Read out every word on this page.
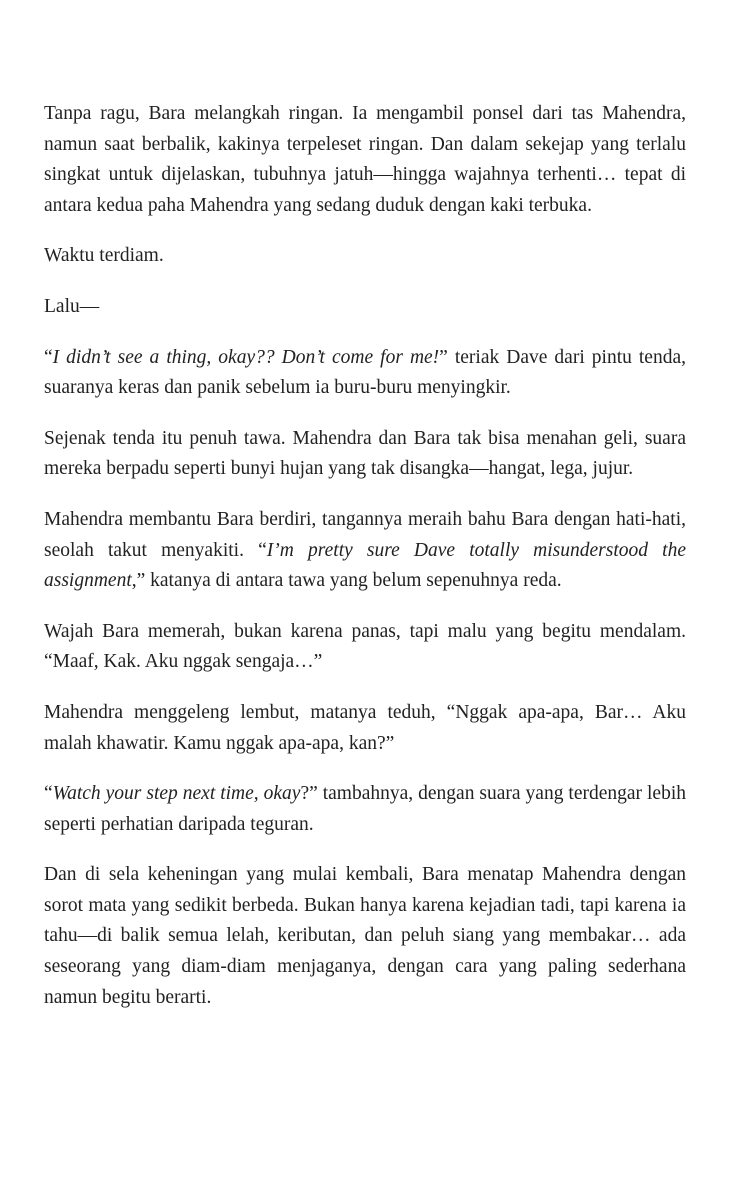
Tanpa ragu, Bara melangkah ringan. Ia mengambil ponsel dari tas Mahendra, namun saat berbalik, kakinya terpeleset ringan. Dan dalam sekejap yang terlalu singkat untuk dijelaskan, tubuhnya jatuh—hingga wajahnya terhenti… tepat di antara kedua paha Mahendra yang sedang duduk dengan kaki terbuka.

Waktu terdiam.

Lalu—

“I didn’t see a thing, okay?? Don’t come for me!” teriak Dave dari pintu tenda, suaranya keras dan panik sebelum ia buru-buru menyingkir.

Sejenak tenda itu penuh tawa. Mahendra dan Bara tak bisa menahan geli, suara mereka berpadu seperti bunyi hujan yang tak disangka—hangat, lega, jujur.

Mahendra membantu Bara berdiri, tangannya meraih bahu Bara dengan hati-hati, seolah takut menyakiti. “I’m pretty sure Dave totally misunderstood the assignment,” katanya di antara tawa yang belum sepenuhnya reda.

Wajah Bara memerah, bukan karena panas, tapi malu yang begitu mendalam. “Maaf, Kak. Aku nggak sengaja…”

Mahendra menggeleng lembut, matanya teduh, “Nggak apa-apa, Bar… Aku malah khawatir. Kamu nggak apa-apa, kan?”

“Watch your step next time, okay?” tambahnya, dengan suara yang terdengar lebih seperti perhatian daripada teguran.

Dan di sela keheningan yang mulai kembali, Bara menatap Mahendra dengan sorot mata yang sedikit berbeda. Bukan hanya karena kejadian tadi, tapi karena ia tahu—di balik semua lelah, keributan, dan peluh siang yang membakar… ada seseorang yang diam-diam menjaganya, dengan cara yang paling sederhana namun begitu berarti.
